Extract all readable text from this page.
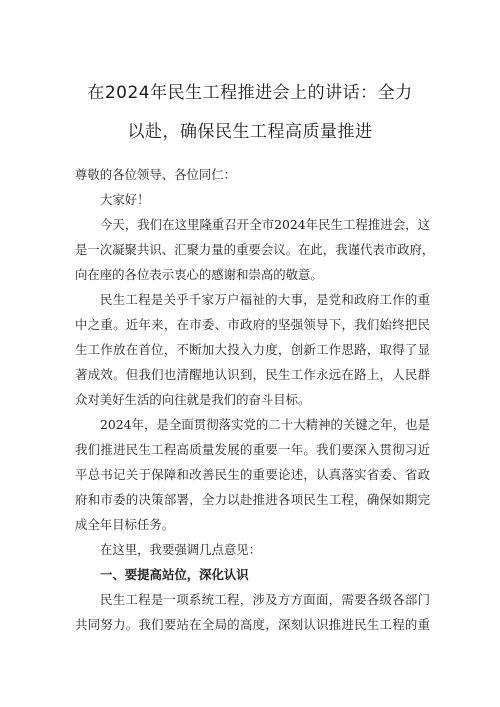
在2024年民生工程推进会上的讲话：全力
以赴，确保民生工程高质量推进
尊敬的各位领导、各位同仁：
大家好！
今天，我们在这里隆重召开全市2024年民生工程推进会，这
是一次凝聚共识、汇聚力量的重要会议。在此，我谨代表市政府，
向在座的各位表示衷心的感谢和崇高的敬意。
民生工程是关乎千家万户福祉的大事，是党和政府工作的重
中之重。近年来，在市委、市政府的坚强领导下，我们始终把民
生工作放在首位，不断加大投入力度，创新工作思路，取得了显
著成效。但我们也清醒地认识到，民生工作永远在路上，人民群
众对美好生活的向往就是我们的奋斗目标。
2024年，是全面贯彻落实党的二十大精神的关键之年，也是
我们推进民生工程高质量发展的重要一年。我们要深入贯彻习近
平总书记关于保障和改善民生的重要论述，认真落实省委、省政
府和市委的决策部署，全力以赴推进各项民生工程，确保如期完
成全年目标任务。
在这里，我要强调几点意见：
一、要提高站位，深化认识
民生工程是一项系统工程，涉及方方面面，需要各级各部门
共同努力。我们要站在全局的高度，深刻认识推进民生工程的重
